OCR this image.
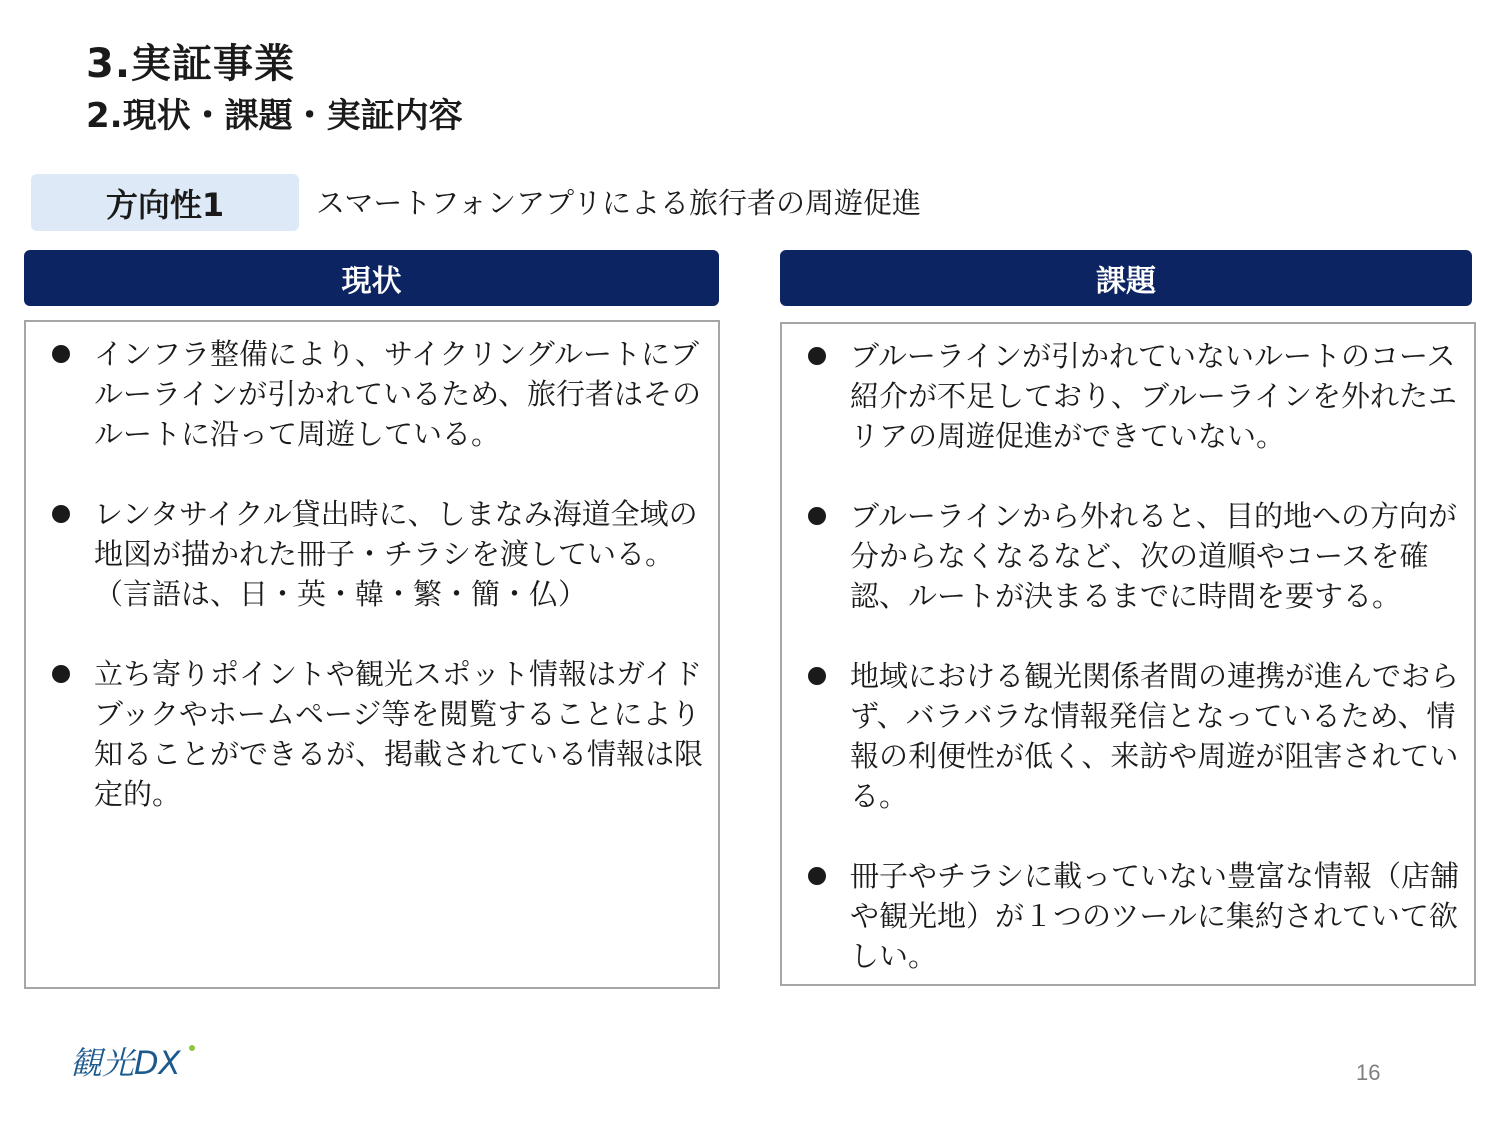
3.実証事業
2.現状・課題・実証内容
方向性1	スマートフォンアプリによる旅行者の周遊促進
現状	課題
インフラ整備により、サイクリングルートにブルーラインが引かれているため、旅行者はそのルートに沿って周遊している。
レンタサイクル貸出時に、しまなみ海道全域の地図が描かれた冊子・チラシを渡している。（言語は、日・英・韓・繁・簡・仏）
立ち寄りポイントや観光スポット情報はガイドブックやホームページ等を閲覧することにより知ることができるが、掲載されている情報は限定的。
ブルーラインが引かれていないルートのコース紹介が不足しており、ブルーラインを外れたエリアの周遊促進ができていない。
ブルーラインから外れると、目的地への方向が分からなくなるなど、次の道順やコースを確認、ルートが決まるまでに時間を要する。
地域における観光関係者間の連携が進んでおらず、バラバラな情報発信となっているため、情報の利便性が低く、来訪や周遊が阻害されている。
冊子やチラシに載っていない豊富な情報（店舗や観光地）が１つのツールに集約されていて欲しい。
観光DX	16
